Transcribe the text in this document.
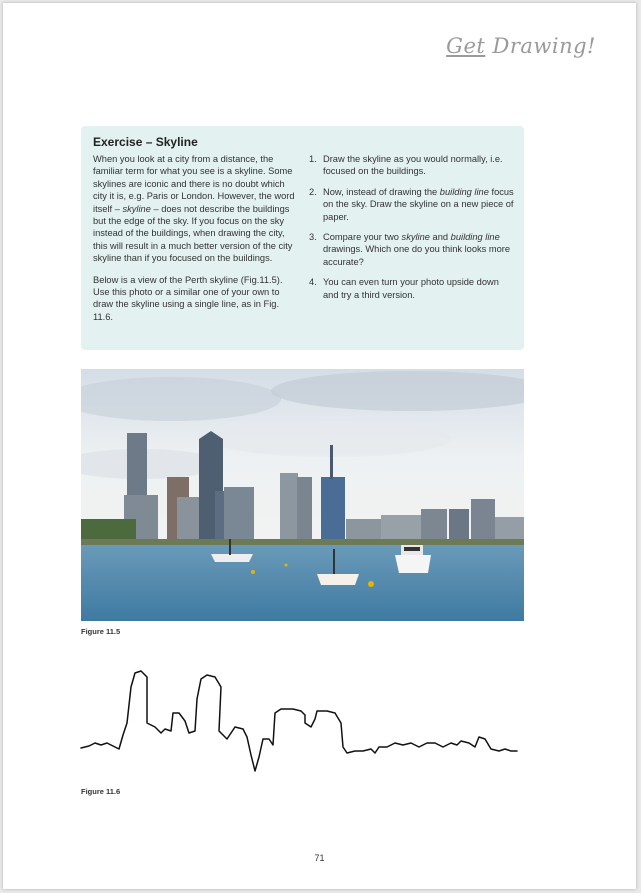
Get Drawing!
Exercise – Skyline

When you look at a city from a distance, the familiar term for what you see is a skyline. Some skylines are iconic and there is no doubt which city it is, e.g. Paris or London. However, the word itself – skyline – does not describe the buildings but the edge of the sky. If you focus on the sky instead of the buildings, when drawing the city, this will result in a much better version of the city skyline than if you focused on the buildings.

Below is a view of the Perth skyline (Fig.11.5). Use this photo or a similar one of your own to draw the skyline using a single line, as in Fig. 11.6.

1. Draw the skyline as you would normally, i.e. focused on the buildings.
2. Now, instead of drawing the building line focus on the sky. Draw the skyline on a new piece of paper.
3. Compare your two skyline and building line drawings. Which one do you think looks more accurate?
4. You can even turn your photo upside down and try a third version.
Figure 11.5
Figure 11.6
71
